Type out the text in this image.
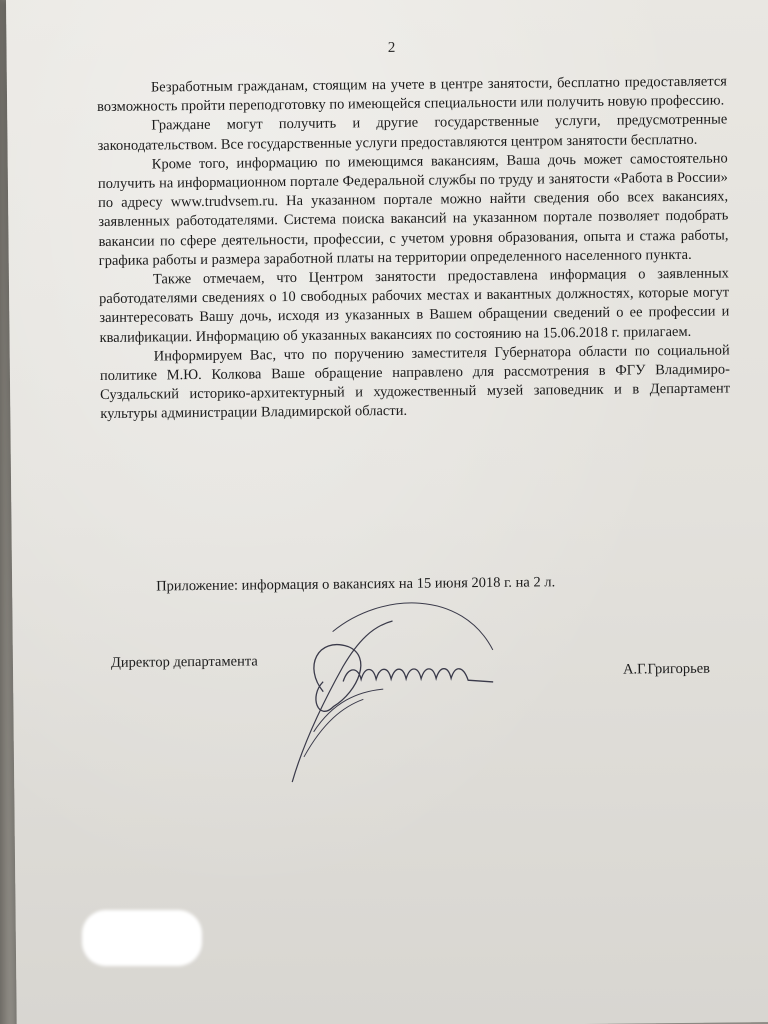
2

Безработным гражданам, стоящим на учете в центре занятости, бесплатно предоставляется возможность пройти переподготовку по имеющейся специальности или получить новую профессию.

Граждане могут получить и другие государственные услуги, предусмотренные законодательством. Все государственные услуги предоставляются центром занятости бесплатно.

Кроме того, информацию по имеющимся вакансиям, Ваша дочь может самостоятельно получить на информационном портале Федеральной службы по труду и занятости «Работа в России» по адресу www.trudvsem.ru. На указанном портале можно найти сведения обо всех вакансиях, заявленных работодателями. Система поиска вакансий на указанном портале позволяет подобрать вакансии по сфере деятельности, профессии, с учетом уровня образования, опыта и стажа работы, графика работы и размера заработной платы на территории определенного населенного пункта.

Также отмечаем, что Центром занятости предоставлена информация о заявленных работодателями сведениях о 10 свободных рабочих местах и вакантных должностях, которые могут заинтересовать Вашу дочь, исходя из указанных в Вашем обращении сведений о ее профессии и квалификации. Информацию об указанных вакансиях по состоянию на 15.06.2018 г. прилагаем.

Информируем Вас, что по поручению заместителя Губернатора области по социальной политике М.Ю. Колкова Ваше обращение направлено для рассмотрения в ФГУ Владимиро-Суздальский историко-архитектурный и художественный музей заповедник и в Департамент культуры администрации Владимирской области.

Приложение: информация о вакансиях на 15 июня 2018 г. на 2 л.
Директор департамента	А.Г.Григорьев
